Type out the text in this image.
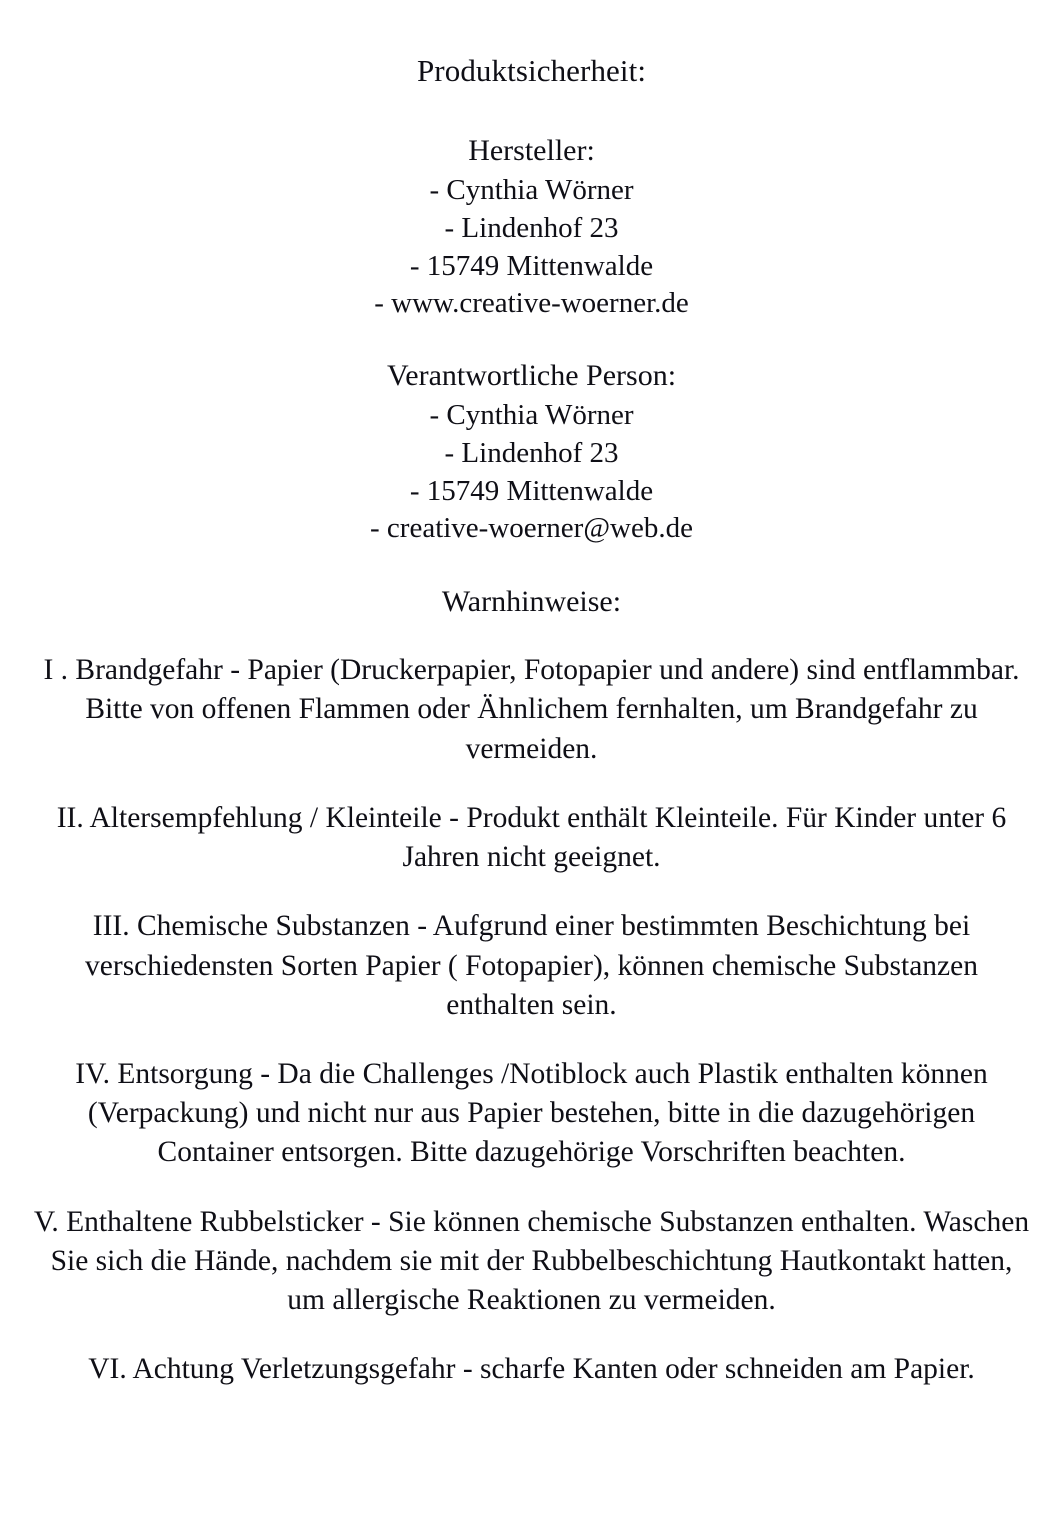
Produktsicherheit:
Hersteller:
- Cynthia Wörner
- Lindenhof 23
- 15749 Mittenwalde
- www.creative-woerner.de
Verantwortliche Person:
- Cynthia Wörner
- Lindenhof 23
- 15749 Mittenwalde
- creative-woerner@web.de
Warnhinweise:

I . Brandgefahr - Papier (Druckerpapier, Fotopapier und andere) sind entflammbar. Bitte von offenen Flammen oder Ähnlichem fernhalten, um Brandgefahr zu vermeiden.

II. Altersempfehlung / Kleinteile - Produkt enthält Kleinteile. Für Kinder unter 6 Jahren nicht geeignet.

III. Chemische Substanzen - Aufgrund einer bestimmten Beschichtung bei verschiedensten Sorten Papier ( Fotopapier), können chemische Substanzen enthalten sein.

IV. Entsorgung - Da die Challenges /Notiblock auch Plastik enthalten können (Verpackung) und nicht nur aus Papier bestehen, bitte in die dazugehörigen Container entsorgen. Bitte dazugehörige Vorschriften beachten.

V. Enthaltene Rubbelsticker - Sie können chemische Substanzen enthalten. Waschen Sie sich die Hände, nachdem sie mit der Rubbelbeschichtung Hautkontakt hatten, um allergische Reaktionen zu vermeiden.

VI. Achtung Verletzungsgefahr - scharfe Kanten oder schneiden am Papier.
